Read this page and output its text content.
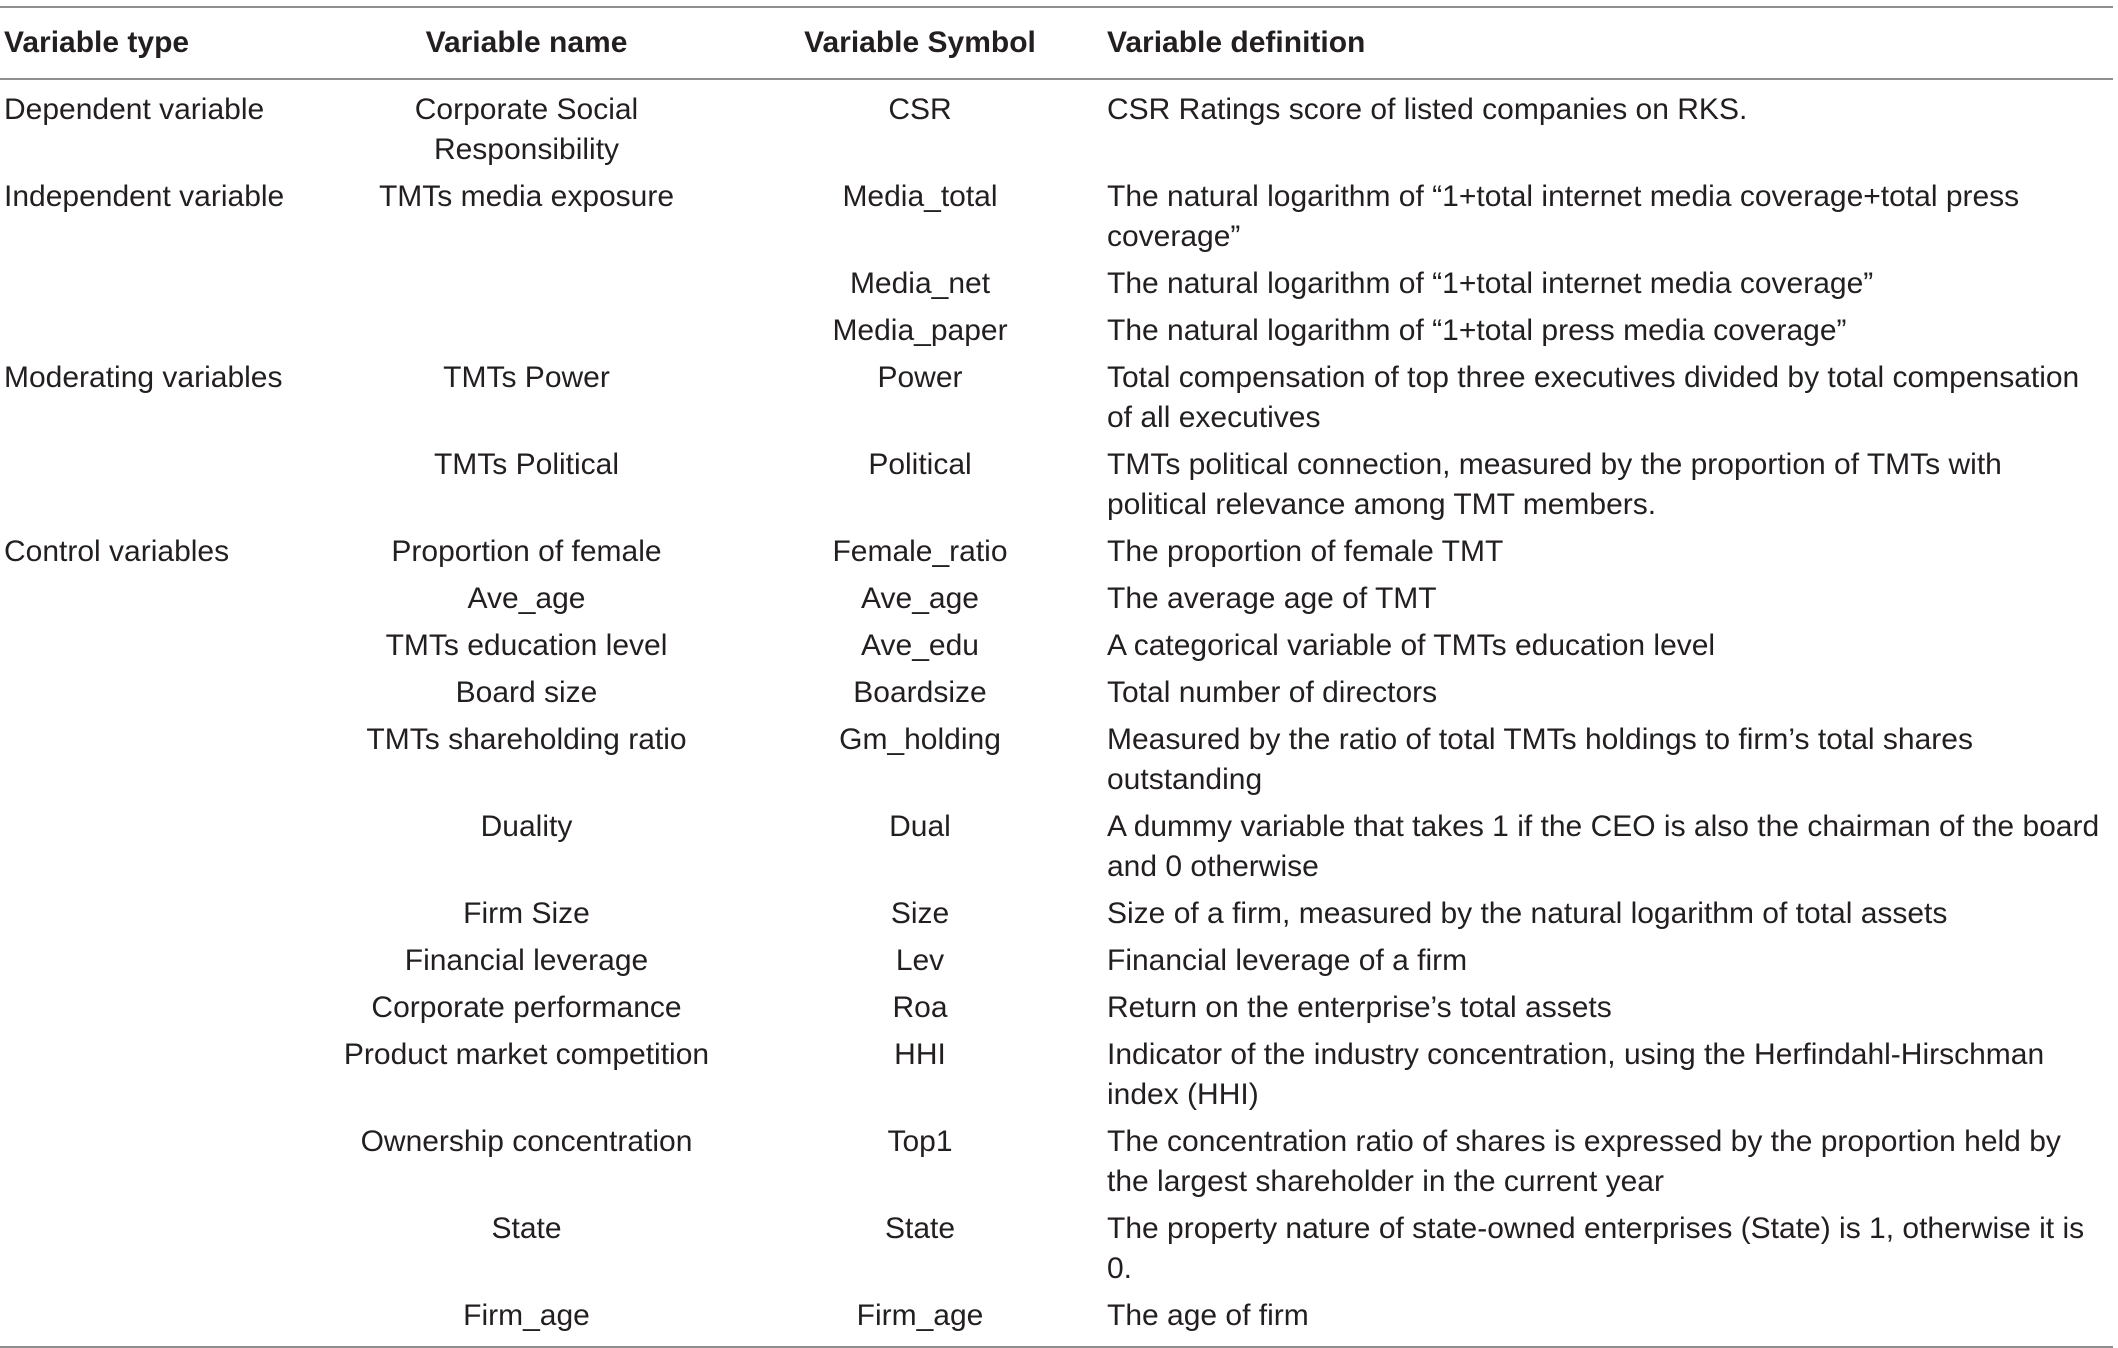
Variable type	Variable name	Variable Symbol	Variable definition
Dependent variable	Corporate Social Responsibility	CSR	CSR Ratings score of listed companies on RKS.
Independent variable	TMTs media exposure	Media_total	The natural logarithm of “1+total internet media coverage+total press coverage”
		Media_net	The natural logarithm of “1+total internet media coverage”
		Media_paper	The natural logarithm of “1+total press media coverage”
Moderating variables	TMTs Power	Power	Total compensation of top three executives divided by total compensation of all executives
	TMTs Political	Political	TMTs political connection, measured by the proportion of TMTs with political relevance among TMT members.
Control variables	Proportion of female	Female_ratio	The proportion of female TMT
	Ave_age	Ave_age	The average age of TMT
	TMTs education level	Ave_edu	A categorical variable of TMTs education level
	Board size	Boardsize	Total number of directors
	TMTs shareholding ratio	Gm_holding	Measured by the ratio of total TMTs holdings to firm’s total shares outstanding
	Duality	Dual	A dummy variable that takes 1 if the CEO is also the chairman of the board and 0 otherwise
	Firm Size	Size	Size of a firm, measured by the natural logarithm of total assets
	Financial leverage	Lev	Financial leverage of a firm
	Corporate performance	Roa	Return on the enterprise’s total assets
	Product market competition	HHI	Indicator of the industry concentration, using the Herfindahl-Hirschman index (HHI)
	Ownership concentration	Top1	The concentration ratio of shares is expressed by the proportion held by the largest shareholder in the current year
	State	State	The property nature of state-owned enterprises (State) is 1, otherwise it is 0.
	Firm_age	Firm_age	The age of firm
